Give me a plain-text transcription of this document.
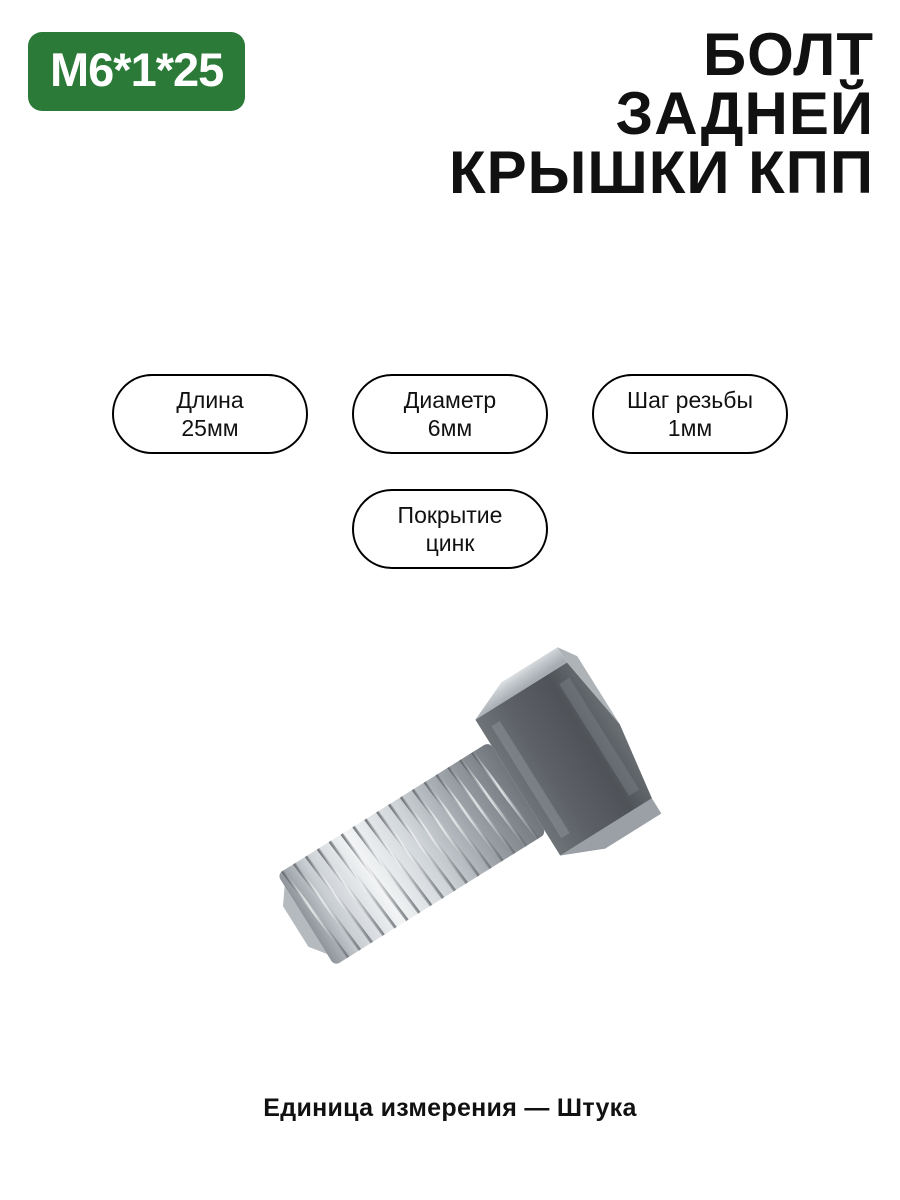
M6*1*25	БОЛТ
ЗАДНЕЙ
КРЫШКИ КПП
Длина
25мм
Диаметр
6мм
Шаг резьбы
1мм
Покрытие
цинк
Единица измерения — Штука
